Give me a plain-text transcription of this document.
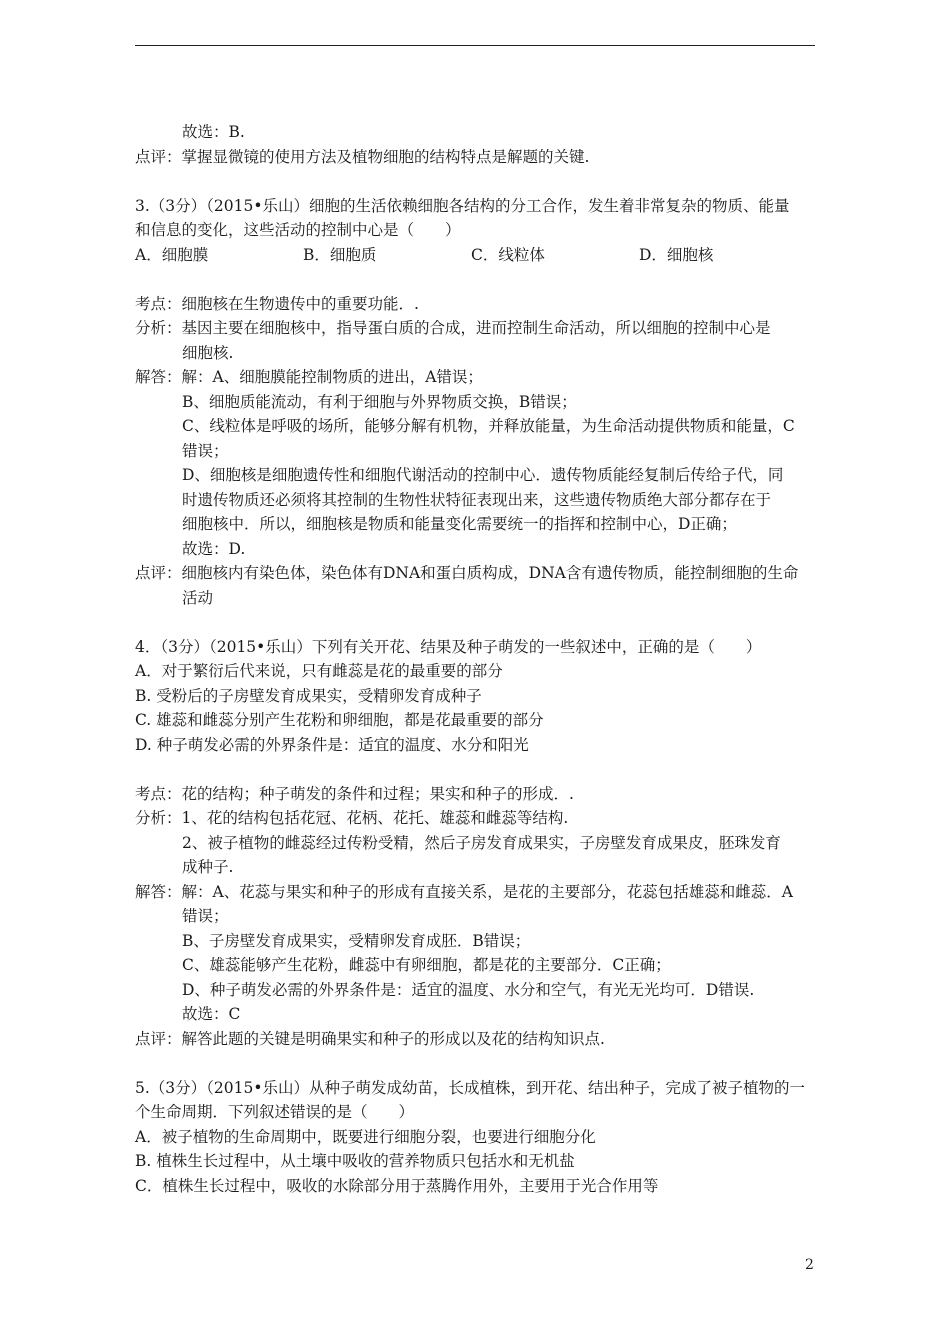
故选：B.
点评：掌握显微镜的使用方法及植物细胞的结构特点是解题的关键.
3.（3分）（2015•乐山）细胞的生活依赖细胞各结构的分工合作，发生着非常复杂的物质、能量
和信息的变化，这些活动的控制中心是（　　）
A．细胞膜	B．细胞质	C．线粒体	D．细胞核
考点：细胞核在生物遗传中的重要功能．.
分析：基因主要在细胞核中，指导蛋白质的合成，进而控制生命活动，所以细胞的控制中心是
细胞核.
解答：解：A、细胞膜能控制物质的进出，A错误；
B、细胞质能流动，有利于细胞与外界物质交换，B错误；
C、线粒体是呼吸的场所，能够分解有机物，并释放能量，为生命活动提供物质和能量，C
错误；
D、细胞核是细胞遗传性和细胞代谢活动的控制中心．遗传物质能经复制后传给子代，同
时遗传物质还必须将其控制的生物性状特征表现出来，这些遗传物质绝大部分都存在于
细胞核中．所以，细胞核是物质和能量变化需要统一的指挥和控制中心，D正确；
故选：D.
点评：细胞核内有染色体，染色体有DNA和蛋白质构成，DNA含有遗传物质，能控制细胞的生命
活动
4．（3分）（2015•乐山）下列有关开花、结果及种子萌发的一些叙述中，正确的是（　　）
A．对于繁衍后代来说，只有雌蕊是花的最重要的部分
B. 受粉后的子房壁发育成果实，受精卵发育成种子
C. 雄蕊和雌蕊分别产生花粉和卵细胞，都是花最重要的部分
D. 种子萌发必需的外界条件是：适宜的温度、水分和阳光
考点：花的结构；种子萌发的条件和过程；果实和种子的形成．.
分析：1、花的结构包括花冠、花柄、花托、雄蕊和雌蕊等结构.
2、被子植物的雌蕊经过传粉受精，然后子房发育成果实，子房壁发育成果皮，胚珠发育
成种子.
解答：解：A、花蕊与果实和种子的形成有直接关系，是花的主要部分，花蕊包括雄蕊和雌蕊．A
错误；
B、子房壁发育成果实，受精卵发育成胚．B错误；
C、雄蕊能够产生花粉，雌蕊中有卵细胞，都是花的主要部分．C正确；
D、种子萌发必需的外界条件是：适宜的温度、水分和空气，有光无光均可．D错误.
故选：C
点评：解答此题的关键是明确果实和种子的形成以及花的结构知识点.
5.（3分）（2015•乐山）从种子萌发成幼苗，长成植株，到开花、结出种子，完成了被子植物的一
个生命周期．下列叙述错误的是（　　）
A．被子植物的生命周期中，既要进行细胞分裂，也要进行细胞分化
B. 植株生长过程中，从土壤中吸收的营养物质只包括水和无机盐
C．植株生长过程中，吸收的水除部分用于蒸腾作用外，主要用于光合作用等
2
